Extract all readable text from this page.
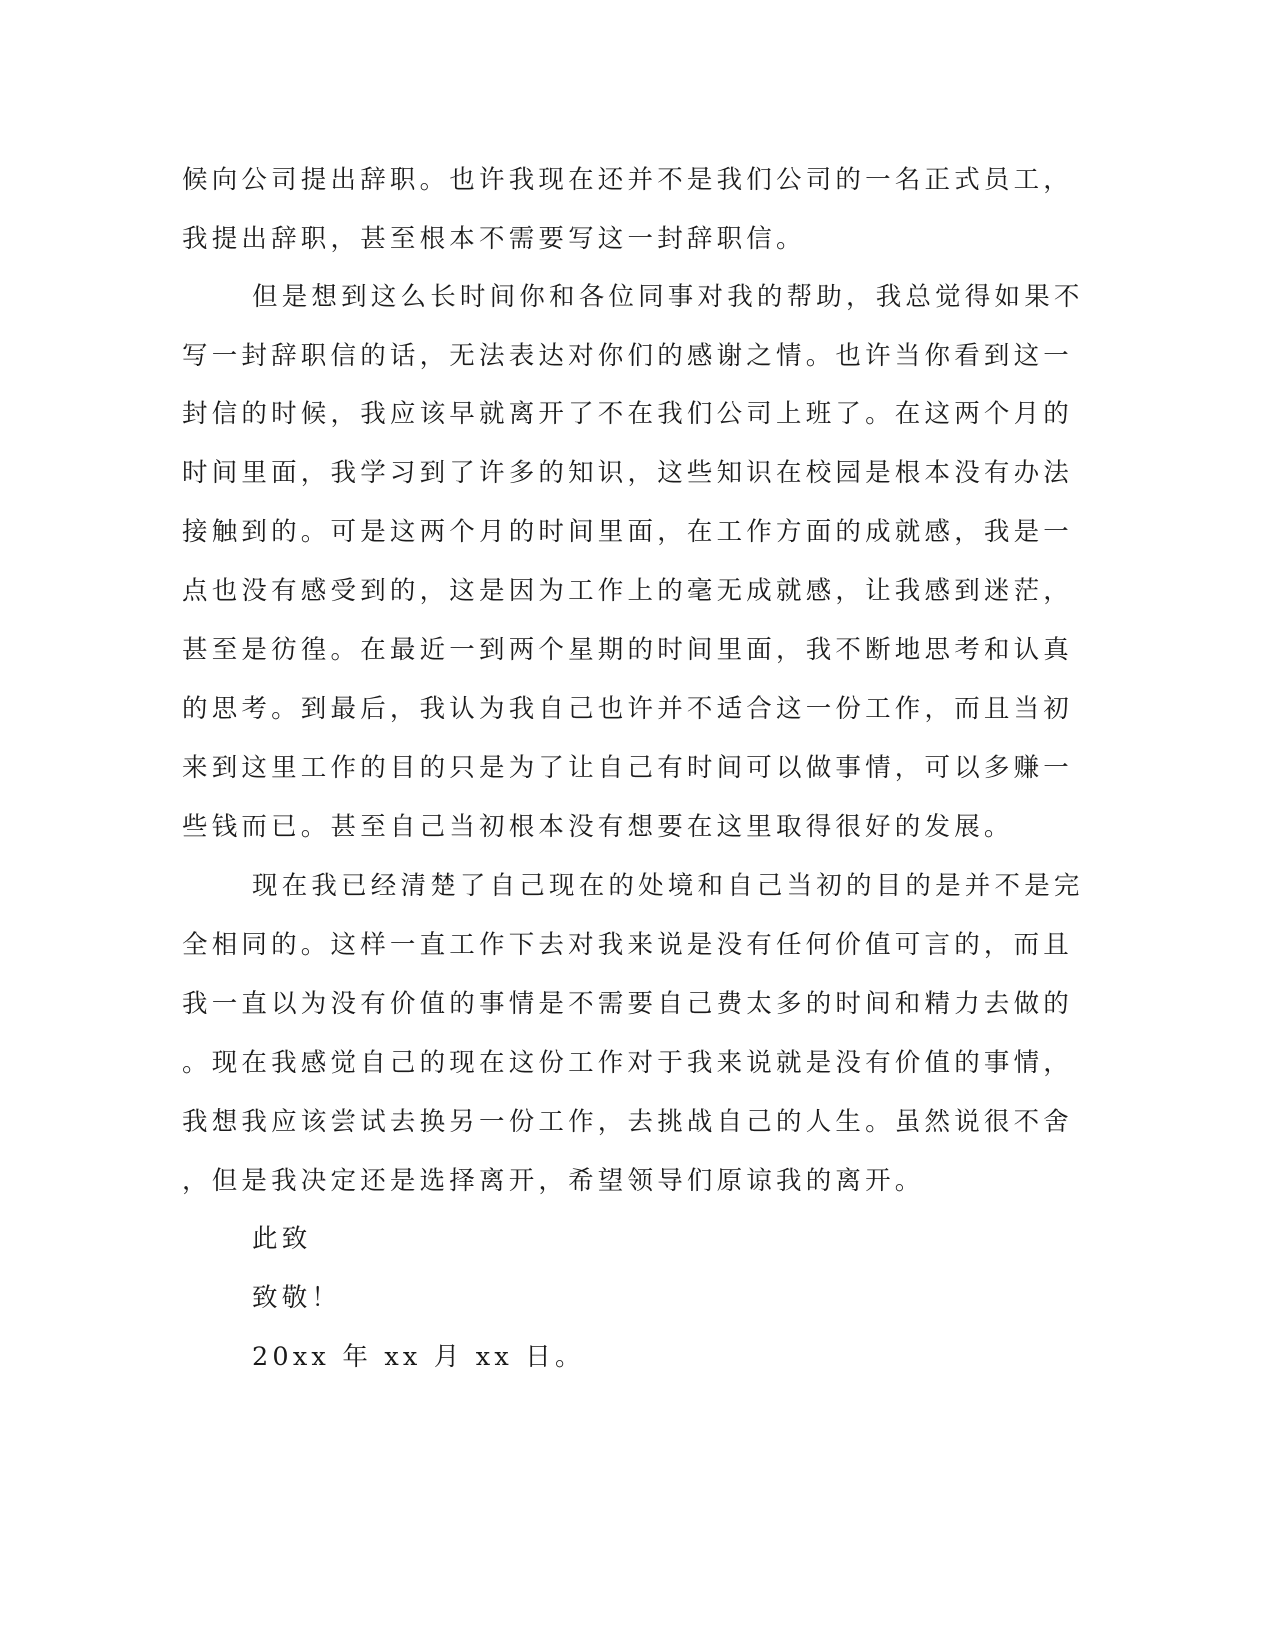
候向公司提出辞职。也许我现在还并不是我们公司的一名正式员工，

我提出辞职，甚至根本不需要写这一封辞职信。

但是想到这么长时间你和各位同事对我的帮助，我总觉得如果不

写一封辞职信的话，无法表达对你们的感谢之情。也许当你看到这一

封信的时候，我应该早就离开了不在我们公司上班了。在这两个月的

时间里面，我学习到了许多的知识，这些知识在校园是根本没有办法

接触到的。可是这两个月的时间里面，在工作方面的成就感，我是一

点也没有感受到的，这是因为工作上的毫无成就感，让我感到迷茫，

甚至是彷徨。在最近一到两个星期的时间里面，我不断地思考和认真

的思考。到最后，我认为我自己也许并不适合这一份工作，而且当初

来到这里工作的目的只是为了让自己有时间可以做事情，可以多赚一

些钱而已。甚至自己当初根本没有想要在这里取得很好的发展。

现在我已经清楚了自己现在的处境和自己当初的目的是并不是完

全相同的。这样一直工作下去对我来说是没有任何价值可言的，而且

我一直以为没有价值的事情是不需要自己费太多的时间和精力去做的

。现在我感觉自己的现在这份工作对于我来说就是没有价值的事情，

我想我应该尝试去换另一份工作，去挑战自己的人生。虽然说很不舍

，但是我决定还是选择离开，希望领导们原谅我的离开。

此致

致敬！

20xx 年 xx 月 xx 日。
